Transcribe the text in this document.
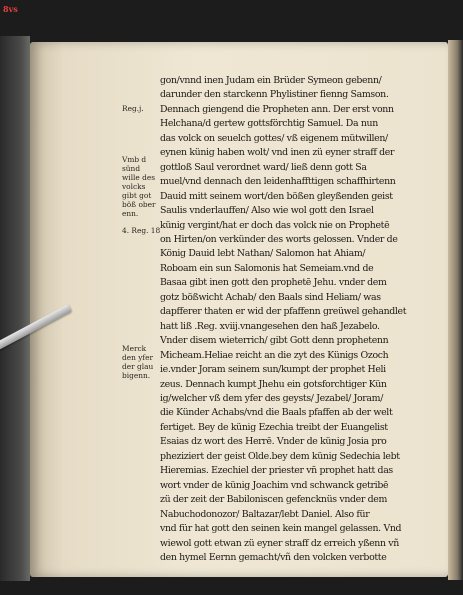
8vs
Reg.j.
Vmb d
sünd
wille des
volcks
gibt got
böß ober
enn.
4. Reg. 18
Merck
den yfer
der glau
bigenn.
gon/vnnd inen Judam ein Brüder Symeon gebenn/
darunder den starckenn Phylistiner fienng Samson.
Dennach giengend die Propheten ann. Der erst vonn
Helchana/d gertew gottsförchtig Samuel. Da nun
das volck on seuelch gottes/ vß eigenem mütwillen/
eynen künig haben wolt/ vnd inen zü eyner straff der
gottloß Saul verordnet ward/ ließ denn gott Sa
muel/vnd dennach den leidenhaffttigen schaffhirtenn
Dauid mitt seinem wort/den bößen gleyßenden geist
Saulis vnderlauffen/ Also wie wol gott den Israel
künig vergint/hat er doch das volck nie on Prophetē
on Hirten/on verkünder des worts gelossen. Vnder de
König Dauid lebt Nathan/ Salomon hat Ahiam/
Roboam ein sun Salomonis hat Semeiam.vnd de
Basaa gibt inen gott den prophetē Jehu. vnder dem
gotz bößwicht Achab/ den Baals sind Heliam/ was
dapfferer thaten er wid der pfaffenn greüwel gehandlet
hatt liß .Reg. xviij.vnangesehen den haß Jezabelo.
Vnder disem wieterrich/ gibt Gott denn prophetenn
Micheam.Heliae reicht an die zyt des Künigs Ozoch
ie.vnder Joram seinem sun/kumpt der prophet Heli
zeus. Dennach kumpt Jhehu ein gotsforchtiger Kün
ig/welcher vß dem yfer des geysts/ Jezabel/ Joram/
die Künder Achabs/vnd die Baals pfaffen ab der welt
fertiget. Bey de künig Ezechia treibt der Euangelist
Esaias dz wort des Herrē. Vnder de künig Josia pro
pheziziert der geist Olde.bey dem künig Sedechia lebt
Hieremias. Ezechiel der priester vn̄ prophet hatt das
wort vnder de künig Joachim vnd schwanck getribē
zü der zeit der Babiloniscen gefencknüs vnder dem
Nabuchodonozor/ Baltazar/lebt Daniel. Also für
vnd für hat gott den seinen kein mangel gelassen. Vnd
wiewol gott etwan zü eyner straff dz erreich yßenn vñ
den hymel Eernn gemacht/vñ den volcken verbotte
